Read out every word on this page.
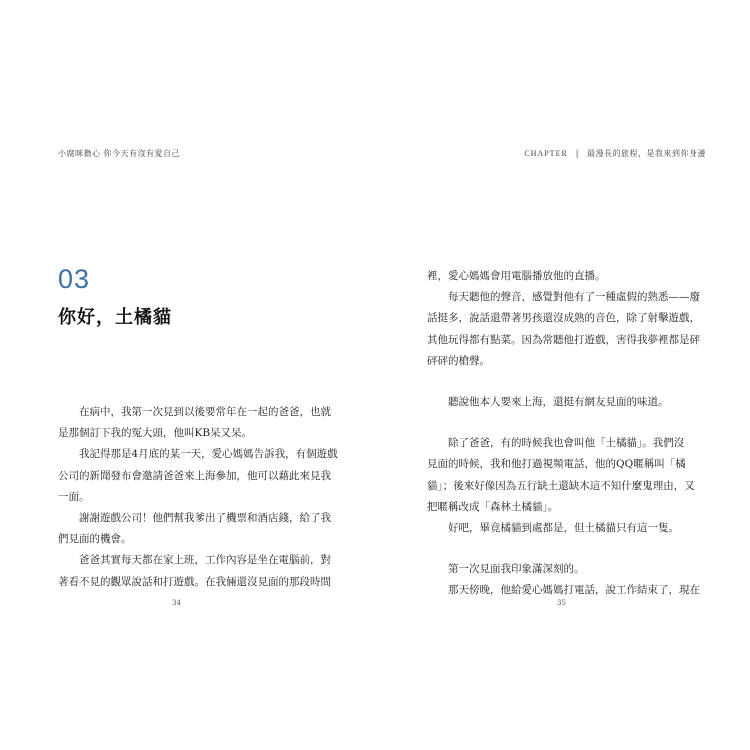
小腐咪擔心 你今天有沒有愛自己
03
你好，土橘貓
在病中，我第一次見到以後要常年在一起的爸爸，也就
是那個訂下我的冤大頭，他叫KB呆又呆。
我記得那是4月底的某一天，愛心媽媽告訴我，有個遊戲
公司的新聞發布會邀請爸爸來上海參加，他可以藉此來見我
一面。
謝謝遊戲公司！他們幫我爹出了機票和酒店錢，給了我
們見面的機會。
爸爸其實每天都在家上班，工作內容是坐在電腦前，對
著看不見的觀眾說話和打遊戲。在我倆還沒見面的那段時間
34
CHAPTER | 最漫長的旅程，是我來到你身邊
裡，愛心媽媽會用電腦播放他的直播。
每天聽他的聲音，感覺對他有了一種虛假的熟悉——廢
話挺多，說話還帶著男孩還沒成熟的音色，除了射擊遊戲，
其他玩得都有點菜。因為常聽他打遊戲，害得我夢裡都是砰
砰砰的槍聲。
聽說他本人要來上海，還挺有網友見面的味道。
除了爸爸，有的時候我也會叫他「土橘貓」。我們沒
見面的時候，我和他打過視頻電話，他的QQ暱稱叫「橘
貓」；後來好像因為五行缺土還缺木這不知什麼鬼理由，又
把暱稱改成「森林土橘貓」。
好吧，畢竟橘貓到處都是，但土橘貓只有這一隻。
第一次見面我印象滿深刻的。
那天傍晚，他給愛心媽媽打電話，說工作結束了，現在
35
